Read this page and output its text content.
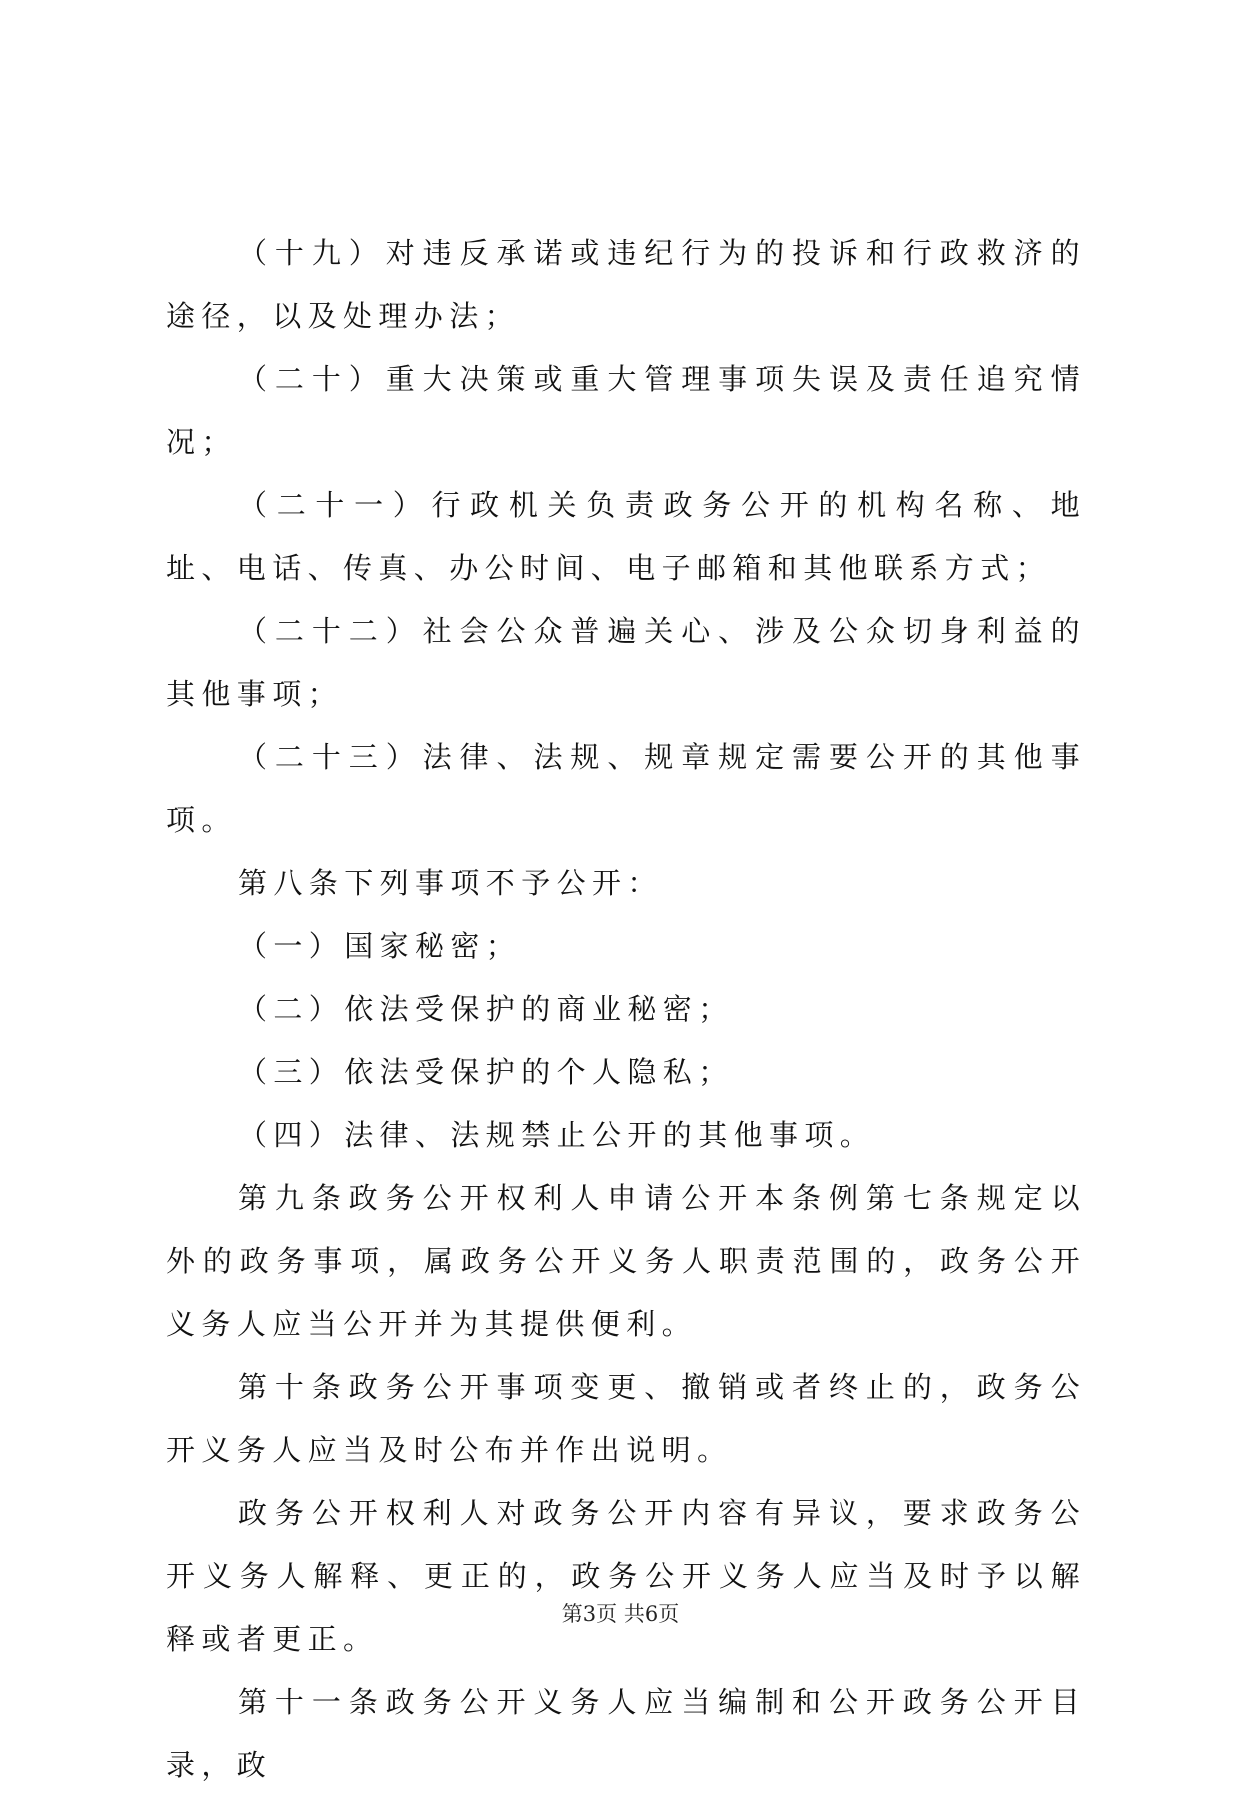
（十九）对违反承诺或违纪行为的投诉和行政救济的途径，以及处理办法；

（二十）重大决策或重大管理事项失误及责任追究情况；

（二十一）行政机关负责政务公开的机构名称、地址、电话、传真、办公时间、电子邮箱和其他联系方式；

（二十二）社会公众普遍关心、涉及公众切身利益的其他事项；

（二十三）法律、法规、规章规定需要公开的其他事项。

第八条下列事项不予公开：

（一）国家秘密；

（二）依法受保护的商业秘密；

（三）依法受保护的个人隐私；

（四）法律、法规禁止公开的其他事项。

第九条政务公开权利人申请公开本条例第七条规定以外的政务事项，属政务公开义务人职责范围的，政务公开义务人应当公开并为其提供便利。

第十条政务公开事项变更、撤销或者终止的，政务公开义务人应当及时公布并作出说明。

政务公开权利人对政务公开内容有异议，要求政务公开义务人解释、更正的，政务公开义务人应当及时予以解释或者更正。

第十一条政务公开义务人应当编制和公开政务公开目录，政

第3页 共6页
